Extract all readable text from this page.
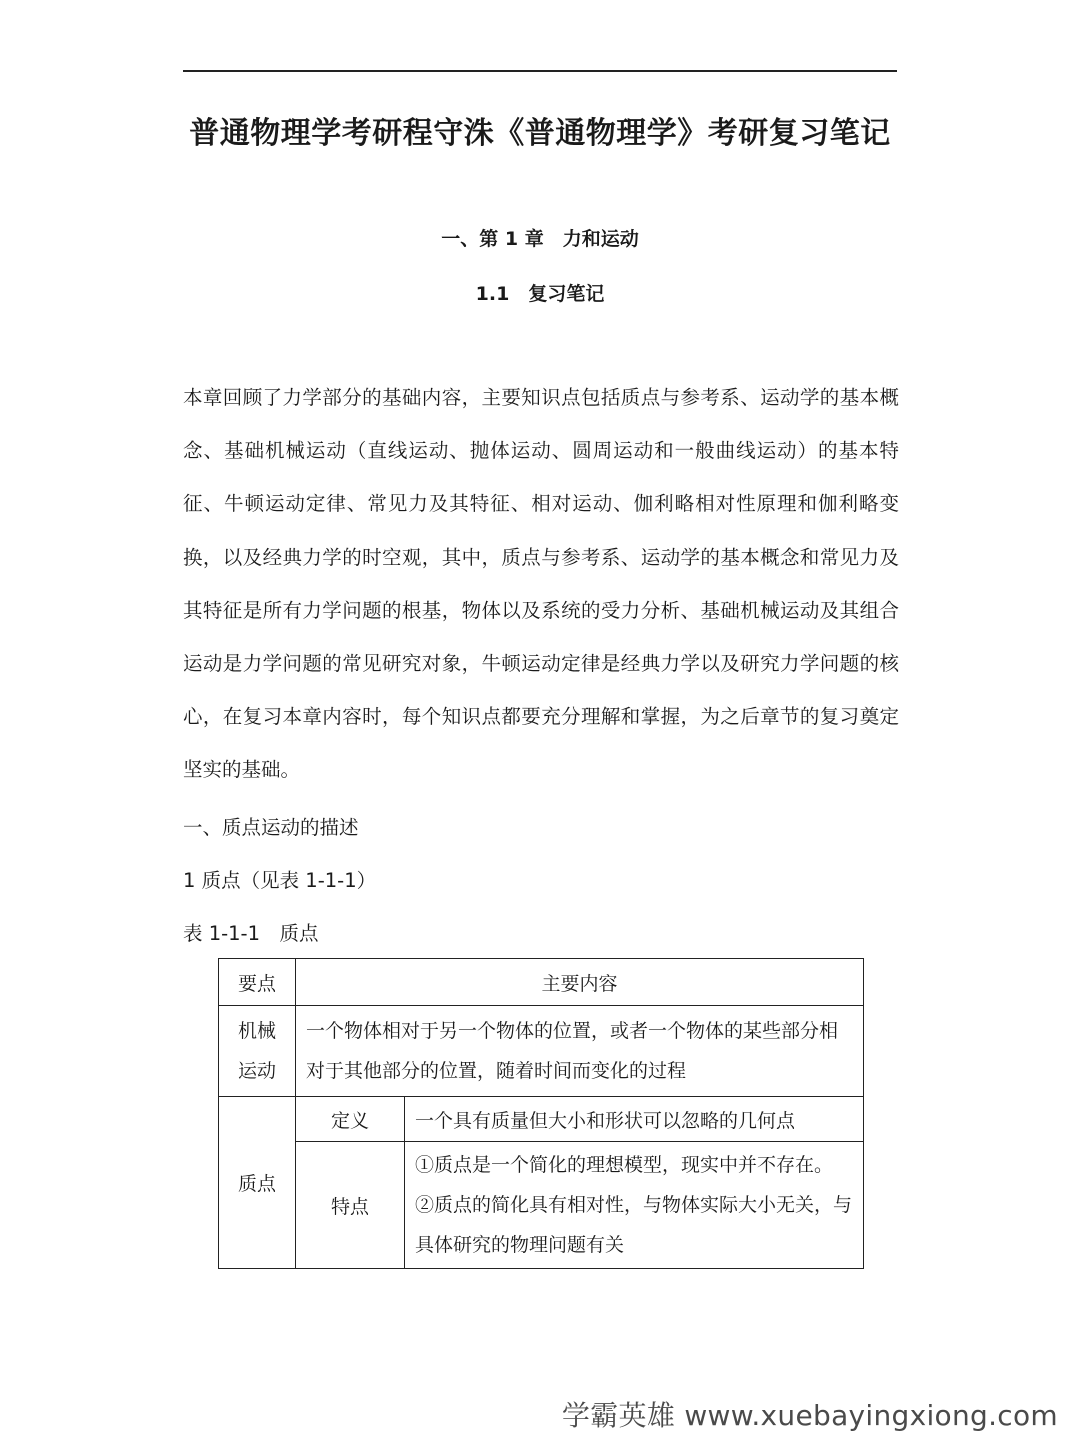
普通物理学考研程守洙《普通物理学》考研复习笔记
一、第 1 章　力和运动
1.1　复习笔记
本章回顾了力学部分的基础内容，主要知识点包括质点与参考系、运动学的基本概念、基础机械运动（直线运动、抛体运动、圆周运动和一般曲线运动）的基本特征、牛顿运动定律、常见力及其特征、相对运动、伽利略相对性原理和伽利略变换，以及经典力学的时空观，其中，质点与参考系、运动学的基本概念和常见力及其特征是所有力学问题的根基，物体以及系统的受力分析、基础机械运动及其组合运动是力学问题的常见研究对象，牛顿运动定律是经典力学以及研究力学问题的核心，在复习本章内容时，每个知识点都要充分理解和掌握，为之后章节的复习奠定坚实的基础。
一、质点运动的描述
1 质点（见表 1-1-1）
表 1-1-1　质点
要点	主要内容	

机械
运动	一个物体相对于另一个物体的位置，或者一个物体的某些部分相对于其他部分的位置，随着时间而变化的过程	
质点	定义	一个具有质量但大小和形状可以忽略的几何点
	特点	①质点是一个简化的理想模型，现实中并不存在。
②质点的简化具有相对性，与物体实际大小无关，与具体研究的物理问题有关
学霸英雄 www.xuebayingxiong.com
